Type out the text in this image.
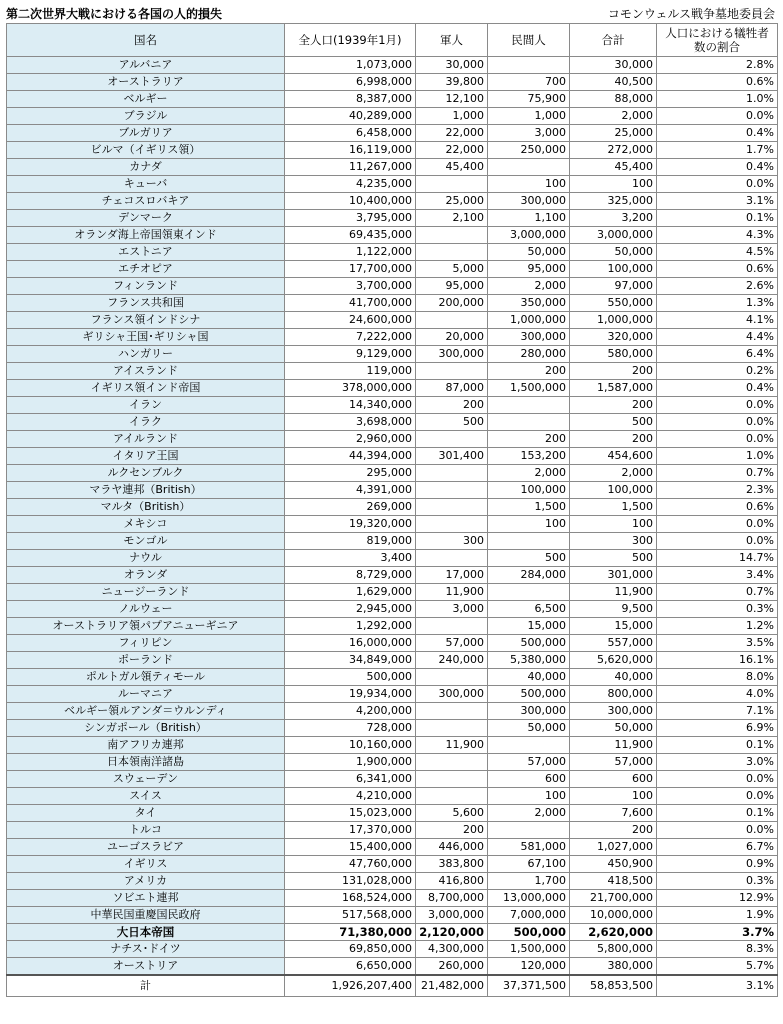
第二次世界大戦における各国の人的損失	コモンウェルス戦争墓地委員会
国名	全人口(1939年1月)	軍人	民間人	合計	人口における犠牲者数の割合
アルバニア	1,073,000	30,000		30,000	2.8%
オーストラリア	6,998,000	39,800	700	40,500	0.6%
ベルギー	8,387,000	12,100	75,900	88,000	1.0%
ブラジル	40,289,000	1,000	1,000	2,000	0.0%
ブルガリア	6,458,000	22,000	3,000	25,000	0.4%
ビルマ（イギリス領）	16,119,000	22,000	250,000	272,000	1.7%
カナダ	11,267,000	45,400		45,400	0.4%
キューバ	4,235,000		100	100	0.0%
チェコスロバキア	10,400,000	25,000	300,000	325,000	3.1%
デンマーク	3,795,000	2,100	1,100	3,200	0.1%
オランダ海上帝国領東インド	69,435,000		3,000,000	3,000,000	4.3%
エストニア	1,122,000		50,000	50,000	4.5%
エチオピア	17,700,000	5,000	95,000	100,000	0.6%
フィンランド	3,700,000	95,000	2,000	97,000	2.6%
フランス共和国	41,700,000	200,000	350,000	550,000	1.3%
フランス領インドシナ	24,600,000		1,000,000	1,000,000	4.1%
ギリシャ王国･ギリシャ国	7,222,000	20,000	300,000	320,000	4.4%
ハンガリー	9,129,000	300,000	280,000	580,000	6.4%
アイスランド	119,000		200	200	0.2%
イギリス領インド帝国	378,000,000	87,000	1,500,000	1,587,000	0.4%
イラン	14,340,000	200		200	0.0%
イラク	3,698,000	500		500	0.0%
アイルランド	2,960,000		200	200	0.0%
イタリア王国	44,394,000	301,400	153,200	454,600	1.0%
ルクセンブルク	295,000		2,000	2,000	0.7%
マラヤ連邦（British）	4,391,000		100,000	100,000	2.3%
マルタ（British）	269,000		1,500	1,500	0.6%
メキシコ	19,320,000		100	100	0.0%
モンゴル	819,000	300		300	0.0%
ナウル	3,400		500	500	14.7%
オランダ	8,729,000	17,000	284,000	301,000	3.4%
ニュージーランド	1,629,000	11,900		11,900	0.7%
ノルウェー	2,945,000	3,000	6,500	9,500	0.3%
オーストラリア領パプアニューギニア	1,292,000		15,000	15,000	1.2%
フィリピン	16,000,000	57,000	500,000	557,000	3.5%
ポーランド	34,849,000	240,000	5,380,000	5,620,000	16.1%
ポルトガル領ティモール	500,000		40,000	40,000	8.0%
ルーマニア	19,934,000	300,000	500,000	800,000	4.0%
ベルギー領ルアンダ＝ウルンディ	4,200,000		300,000	300,000	7.1%
シンガポール（British）	728,000		50,000	50,000	6.9%
南アフリカ連邦	10,160,000	11,900		11,900	0.1%
日本領南洋諸島	1,900,000		57,000	57,000	3.0%
スウェーデン	6,341,000		600	600	0.0%
スイス	4,210,000		100	100	0.0%
タイ	15,023,000	5,600	2,000	7,600	0.1%
トルコ	17,370,000	200		200	0.0%
ユーゴスラビア	15,400,000	446,000	581,000	1,027,000	6.7%
イギリス	47,760,000	383,800	67,100	450,900	0.9%
アメリカ	131,028,000	416,800	1,700	418,500	0.3%
ソビエト連邦	168,524,000	8,700,000	13,000,000	21,700,000	12.9%
中華民国重慶国民政府	517,568,000	3,000,000	7,000,000	10,000,000	1.9%
大日本帝国	71,380,000	2,120,000	500,000	2,620,000	3.7%
ナチス･ドイツ	69,850,000	4,300,000	1,500,000	5,800,000	8.3%
オーストリア	6,650,000	260,000	120,000	380,000	5.7%
計	1,926,207,400	21,482,000	37,371,500	58,853,500	3.1%
